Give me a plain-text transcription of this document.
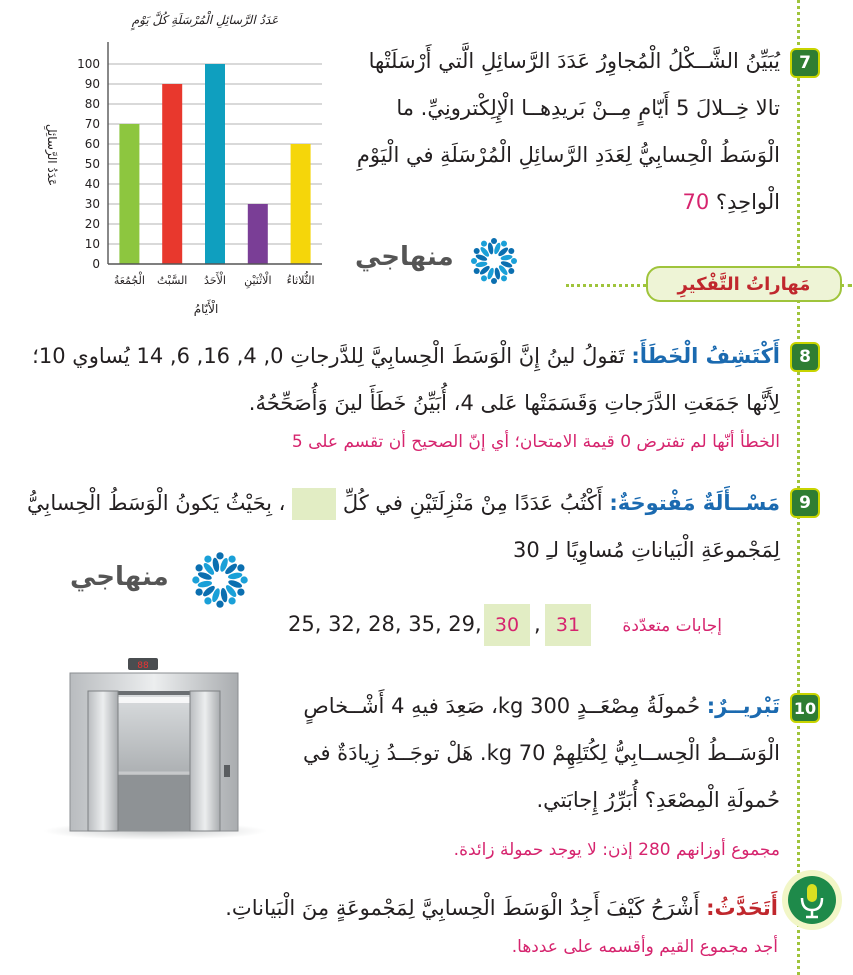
عَدَدُ الرَّسائِلِ الْمُرْسَلَةِ كُلَّ يَوْمٍ
عَدَدُ الرَّسائِلِ
الْأَيّامُ
0
10
20
30
40
50
60
70
80
90
100
الْجُمُعَةُ السَّبْتُ الْأَحَدُ الْاثْنَيْنِ الثُّلاثاءُ
7
يُبَيِّنُ الشَّــكْلُ الْمُجاوِرُ عَدَدَ الرَّسائِلِ الَّتي أَرْسَلَتْها تالا خِــلالَ 5 أَيّامٍ مِــنْ بَريدِهــا الْإِلِكْترونِيِّ. ما الْوَسَطُ الْحِسابِيُّ لِعَدَدِ الرَّسائِلِ الْمُرْسَلَةِ في الْيَوْمِ الْواحِدِ؟ 70
منهاجي
مَهاراتُ التَّفْكيرِ
8
أَكْتَشِفُ الْخَطَأَ: تَقولُ لينُ إِنَّ الْوَسَطَ الْحِسابِيَّ لِلدَّرجاتِ 0, 4, 16, 6, 14 يُساوي 10؛ لِأَنَّها جَمَعَتِ الدَّرَجاتِ وَقَسَمَتْها عَلى 4، أُبَيِّنُ خَطَأَ لينَ وَأُصَحِّحُهُ.
الخطأ أنّها لم تفترض 0 قيمة الامتحان؛ أي إنّ الصحيح أن تقسم على 5
9
مَسْــأَلَةٌ مَفْتوحَةٌ: أَكْتُبُ عَدَدًا مِنْ مَنْزِلَتَيْنِ في كُلِّ  ، بِحَيْثُ يَكونُ الْوَسَطُ الْحِسابِيُّ لِمَجْموعَةِ الْبَياناتِ مُساوِيًا لـِ 30
منهاجي
25, 32, 28, 35, 29, 30 , 31	إجابات متعدّدة
88
10
تَبْريــرٌ: حُمولَةُ مِصْعَــدٍ 300 kg، صَعِدَ فيهِ 4 أَشْــخاصٍ الْوَسَــطُ الْحِســابِيُّ لِكُتَلِهِمْ 70 kg. هَلْ توجَــدُ زِيادَةٌ في حُمولَةِ الْمِصْعَدِ؟ أُبَرِّرُ إِجابَتي.
مجموع أوزانهم 280 إذن: لا يوجد حمولة زائدة.
أَتَحَدَّثُ: أَشْرَحُ كَيْفَ أَجِدُ الْوَسَطَ الْحِسابِيَّ لِمَجْموعَةٍ مِنَ الْبَياناتِ.
أجد مجموع القيم وأقسمه على عددها.
